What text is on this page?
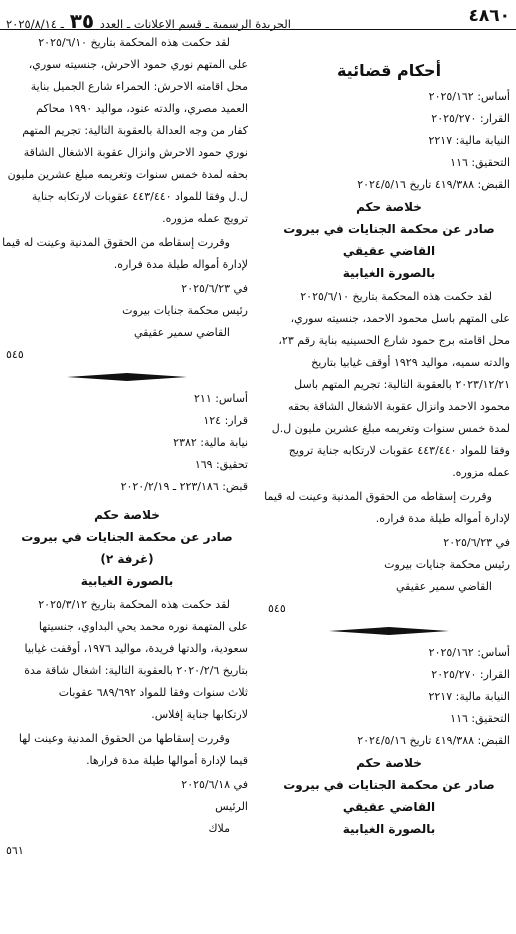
٤٨٦٠
الجريدة الرسمية ـ قسم الاعلانات ـ العدد ٣٥ ـ ٢٠٢٥/٨/١٤
أحكام قضائية
أساس: ٢٠٢٥/١٦٢
القرار: ٢٠٢٥/٢٧٠
النيابة مالية: ٢٢١٧
التحقيق: ١١٦
القبض: ٤١٩/٣٨٨ تاريخ ٢٠٢٤/٥/١٦
خلاصة حكم
صادر عن محكمة الجنايات في بيروت
القاضي عقيقي
بالصورة الغيابية
لقد حكمت هذه المحكمة بتاريخ ٢٠٢٥/٦/١٠
على المتهم باسل محمود الاحمد، جنسيته سوري،
محل اقامته برج حمود شارع الحسينيه بناية رقم ٢٣،
والدته سميه، مواليد ١٩٢٩ أوقف غيابيا بتاريخ
٢٠٢٣/١٢/٢١ بالعقوبة التالية: تجريم المتهم باسل
محمود الاحمد وانزال عقوبة الاشغال الشاقة بحقه
لمدة خمس سنوات وتغريمه مبلغ عشرين مليون ل.ل
وفقا للمواد ٤٤٣/٤٤٠ عقوبات لارتكابه جناية ترويج
عمله مزوره.
وقررت إسقاطه من الحقوق المدنية وعينت له قيما
لإدارة أمواله طيلة مدة فراره.
في ٢٠٢٥/٦/٢٣
رئيس محكمة جنايات بيروت
القاضي سمير عقيقي
٥٤٥
أساس: ٢٠٢٥/١٦٢
القرار: ٢٠٢٥/٢٧٠
النيابة مالية: ٢٢١٧
التحقيق: ١١٦
القبض: ٤١٩/٣٨٨ تاريخ ٢٠٢٤/٥/١٦
خلاصة حكم
صادر عن محكمة الجنايات في بيروت
القاضي عقيقي
بالصورة الغيابية
لقد حكمت هذه المحكمة بتاريخ ٢٠٢٥/٦/١٠
على المتهم نوري حمود الاحرش، جنسيته سوري،
محل اقامته الاحرش: الحمراء شارع الجميل بناية
العميد مصري، والدته عنود، مواليد ١٩٩٠ محاكم
كفار من وجه العدالة بالعقوبة التالية: تجريم المتهم
نوري حمود الاحرش وانزال عقوبة الاشغال الشاقة
بحقه لمدة خمس سنوات وتغريمه مبلغ عشرين مليون
ل.ل وفقا للمواد ٤٤٣/٤٤٠ عقوبات لارتكابه جناية
ترويج عمله مزوره.
وقررت إسقاطه من الحقوق المدنية وعينت له قيما
لإدارة أمواله طيلة مدة فراره.
في ٢٠٢٥/٦/٢٣
رئيس محكمة جنايات بيروت
القاضي سمير عقيقي
٥٤٥
أساس: ٢١١
قرار: ١٢٤
نيابة مالية: ٢٣٨٢
تحقيق: ١٦٩
قبض: ٢٢٣/١٨٦ ـ ٢٠٢٠/٢/١٩
خلاصة حكم
صادر عن محكمة الجنايات في بيروت (غرفة ٢)
بالصورة الغيابية
لقد حكمت هذه المحكمة بتاريخ ٢٠٢٥/٣/١٢
على المتهمة نوره محمد يحي البداوي، جنسيتها
سعودية، والدتها فريدة، مواليد ١٩٧٦، أوقفت غيابيا
بتاريخ ٢٠٢٠/٢/٦ بالعقوبة التالية: اشغال شاقة مدة
ثلاث سنوات وفقا للمواد ٦٨٩/٦٩٢ عقوبات
لارتكابها جناية إفلاس.
وقررت إسقاطها من الحقوق المدنية وعينت لها
قيما لإدارة أموالها طيلة مدة فرارها.
في ٢٠٢٥/٦/١٨
الرئيس
ملاك
٥٦١
